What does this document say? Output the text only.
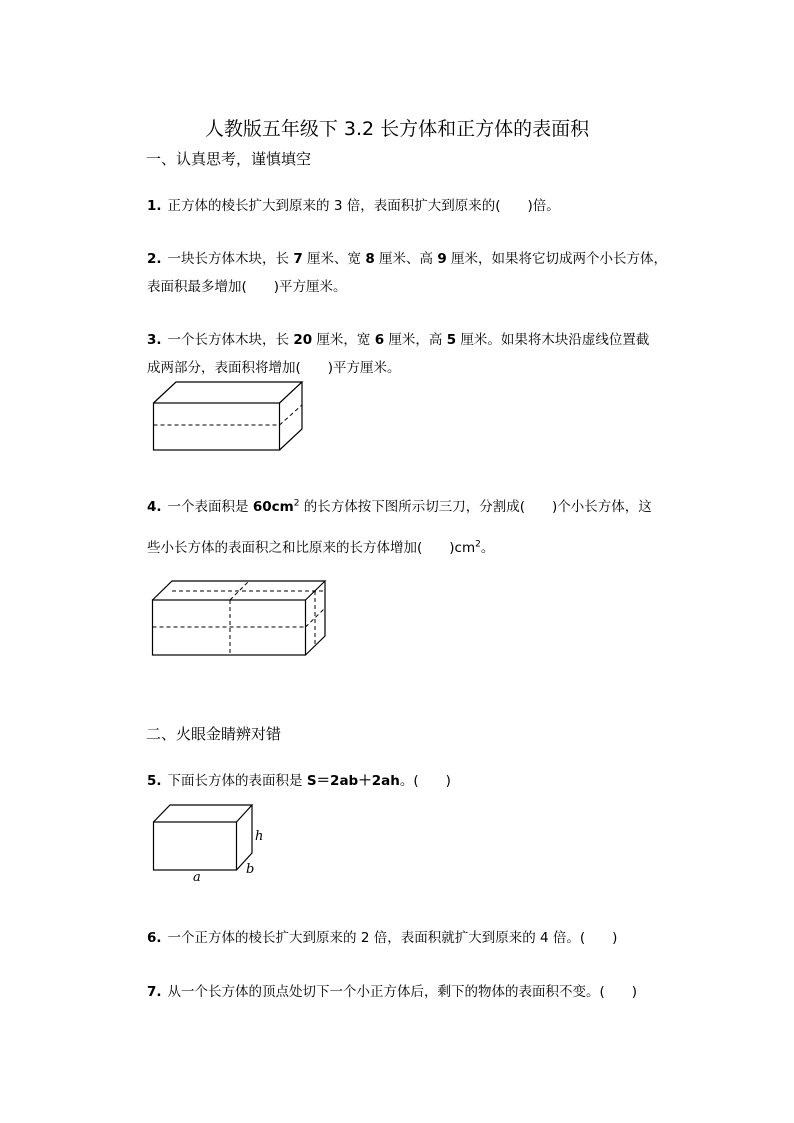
人教版五年级下 3.2 长方体和正方体的表面积
一、认真思考，谨慎填空
1. 正方体的棱长扩大到原来的 3 倍，表面积扩大到原来的(　　)倍。
2. 一块长方体木块，长 7 厘米、宽 8 厘米、高 9 厘米，如果将它切成两个小长方体，
表面积最多增加(　　)平方厘米。
3. 一个长方体木块，长 20 厘米，宽 6 厘米，高 5 厘米。如果将木块沿虚线位置截
成两部分，表面积将增加(　　)平方厘米。
4. 一个表面积是 $60cm^2$ 的长方体按下图所示切三刀，分割成(　　)个小长方体，这
些小长方体的表面积之和比原来的长方体增加(　　)$cm^2$。
二、火眼金睛辨对错
5. 下面长方体的表面积是 S＝2ab＋2ah。(　　)
h
a
b
6. 一个正方体的棱长扩大到原来的 2 倍，表面积就扩大到原来的 4 倍。(　　)
7. 从一个长方体的顶点处切下一个小正方体后，剩下的物体的表面积不变。(　　)
